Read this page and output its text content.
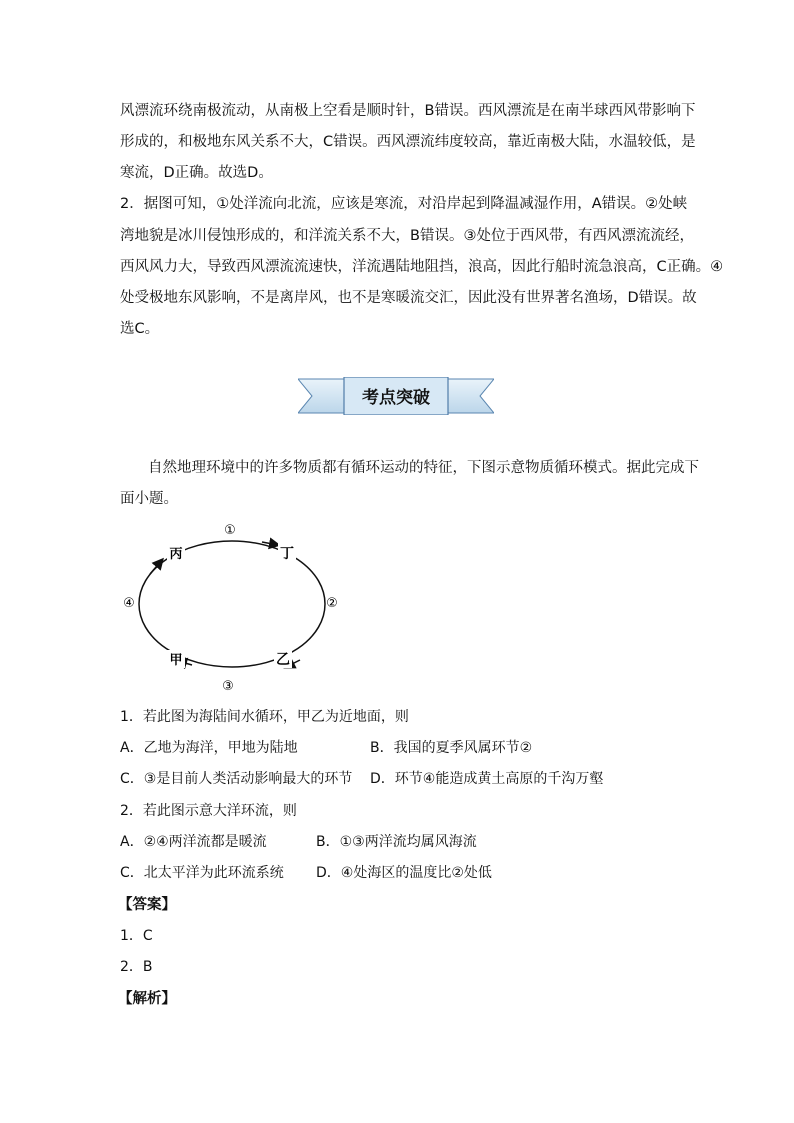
风漂流环绕南极流动，从南极上空看是顺时针，B错误。西风漂流是在南半球西风带影响下
形成的，和极地东风关系不大，C错误。西风漂流纬度较高，靠近南极大陆，水温较低，是
寒流，D正确。故选D。
2．据图可知，①处洋流向北流，应该是寒流，对沿岸起到降温减湿作用，A错误。②处峡
湾地貌是冰川侵蚀形成的，和洋流关系不大，B错误。③处位于西风带，有西风漂流流经，
西风风力大，导致西风漂流流速快，洋流遇陆地阻挡，浪高，因此行船时流急浪高，C正确。④
处受极地东风影响，不是离岸风，也不是寒暖流交汇，因此没有世界著名渔场，D错误。故
选C。
考点突破
自然地理环境中的许多物质都有循环运动的特征，下图示意物质循环模式。据此完成下
面小题。
丙	丁
乙
甲
①
②
③
④
1．若此图为海陆间水循环，甲乙为近地面，则
A．乙地为海洋，甲地为陆地	B．我国的夏季风属环节②
C．③是目前人类活动影响最大的环节 D．环节④能造成黄土高原的千沟万壑
2．若此图示意大洋环流，则
A．②④两洋流都是暖流	B．①③两洋流均属风海流
C．北太平洋为此环流系统 D．④处海区的温度比②处低
【答案】
1．C
2．B
【解析】
